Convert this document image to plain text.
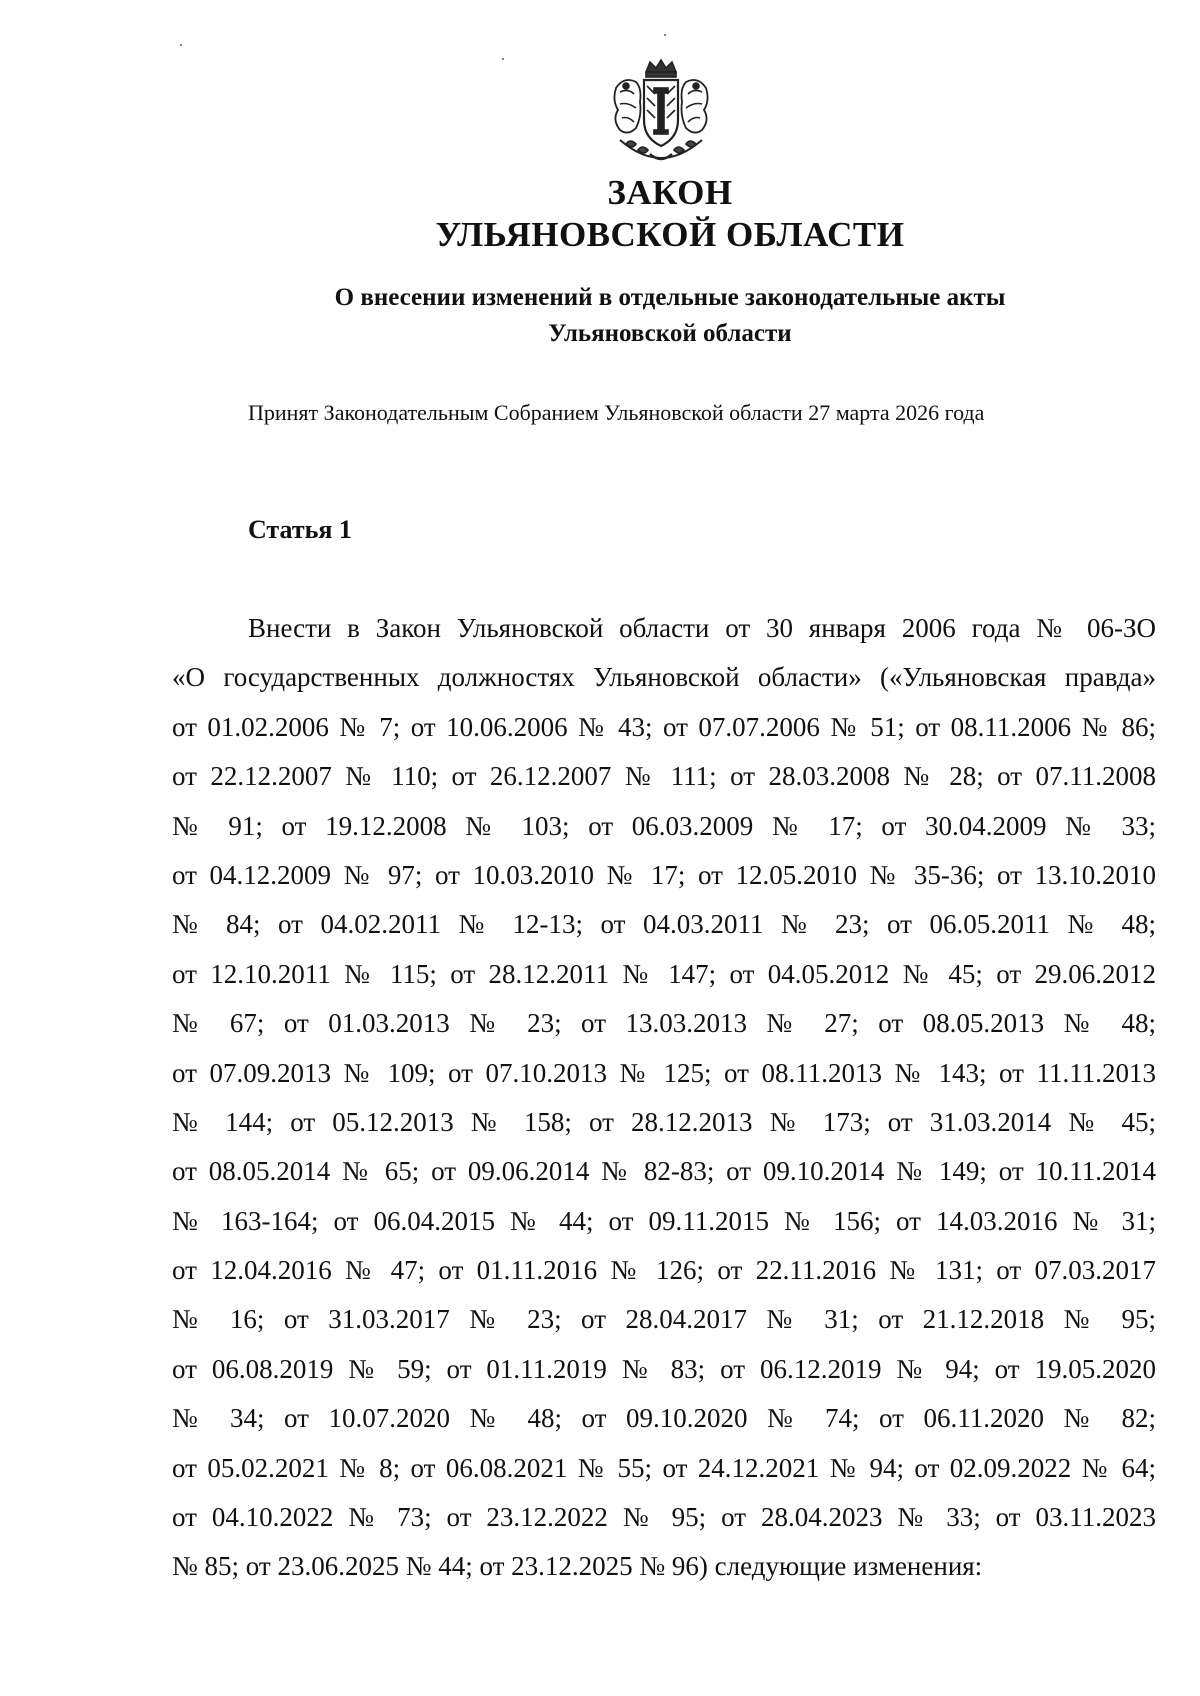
ЗАКОН
УЛЬЯНОВСКОЙ ОБЛАСТИ
О внесении изменений в отдельные законодательные акты
Ульяновской области
Принят Законодательным Собранием Ульяновской области 27 марта 2026 года
Статья 1
Внести в Закон Ульяновской области от 30 января 2006 года № 06-ЗО
«О государственных должностях Ульяновской области» («Ульяновская правда»
от 01.02.2006 № 7; от 10.06.2006 № 43; от 07.07.2006 № 51; от 08.11.2006 № 86;
от 22.12.2007 № 110; от 26.12.2007 № 111; от 28.03.2008 № 28; от 07.11.2008
№ 91; от 19.12.2008 № 103; от 06.03.2009 № 17; от 30.04.2009 № 33;
от 04.12.2009 № 97; от 10.03.2010 № 17; от 12.05.2010 № 35-36; от 13.10.2010
№ 84; от 04.02.2011 № 12-13; от 04.03.2011 № 23; от 06.05.2011 № 48;
от 12.10.2011 № 115; от 28.12.2011 № 147; от 04.05.2012 № 45; от 29.06.2012
№ 67; от 01.03.2013 № 23; от 13.03.2013 № 27; от 08.05.2013 № 48;
от 07.09.2013 № 109; от 07.10.2013 № 125; от 08.11.2013 № 143; от 11.11.2013
№ 144; от 05.12.2013 № 158; от 28.12.2013 № 173; от 31.03.2014 № 45;
от 08.05.2014 № 65; от 09.06.2014 № 82-83; от 09.10.2014 № 149; от 10.11.2014
№ 163-164; от 06.04.2015 № 44; от 09.11.2015 № 156; от 14.03.2016 № 31;
от 12.04.2016 № 47; от 01.11.2016 № 126; от 22.11.2016 № 131; от 07.03.2017
№ 16; от 31.03.2017 № 23; от 28.04.2017 № 31; от 21.12.2018 № 95;
от 06.08.2019 № 59; от 01.11.2019 № 83; от 06.12.2019 № 94; от 19.05.2020
№ 34; от 10.07.2020 № 48; от 09.10.2020 № 74; от 06.11.2020 № 82;
от 05.02.2021 № 8; от 06.08.2021 № 55; от 24.12.2021 № 94; от 02.09.2022 № 64;
от 04.10.2022 № 73; от 23.12.2022 № 95; от 28.04.2023 № 33; от 03.11.2023
№ 85; от 23.06.2025 № 44; от 23.12.2025 № 96) следующие изменения:
